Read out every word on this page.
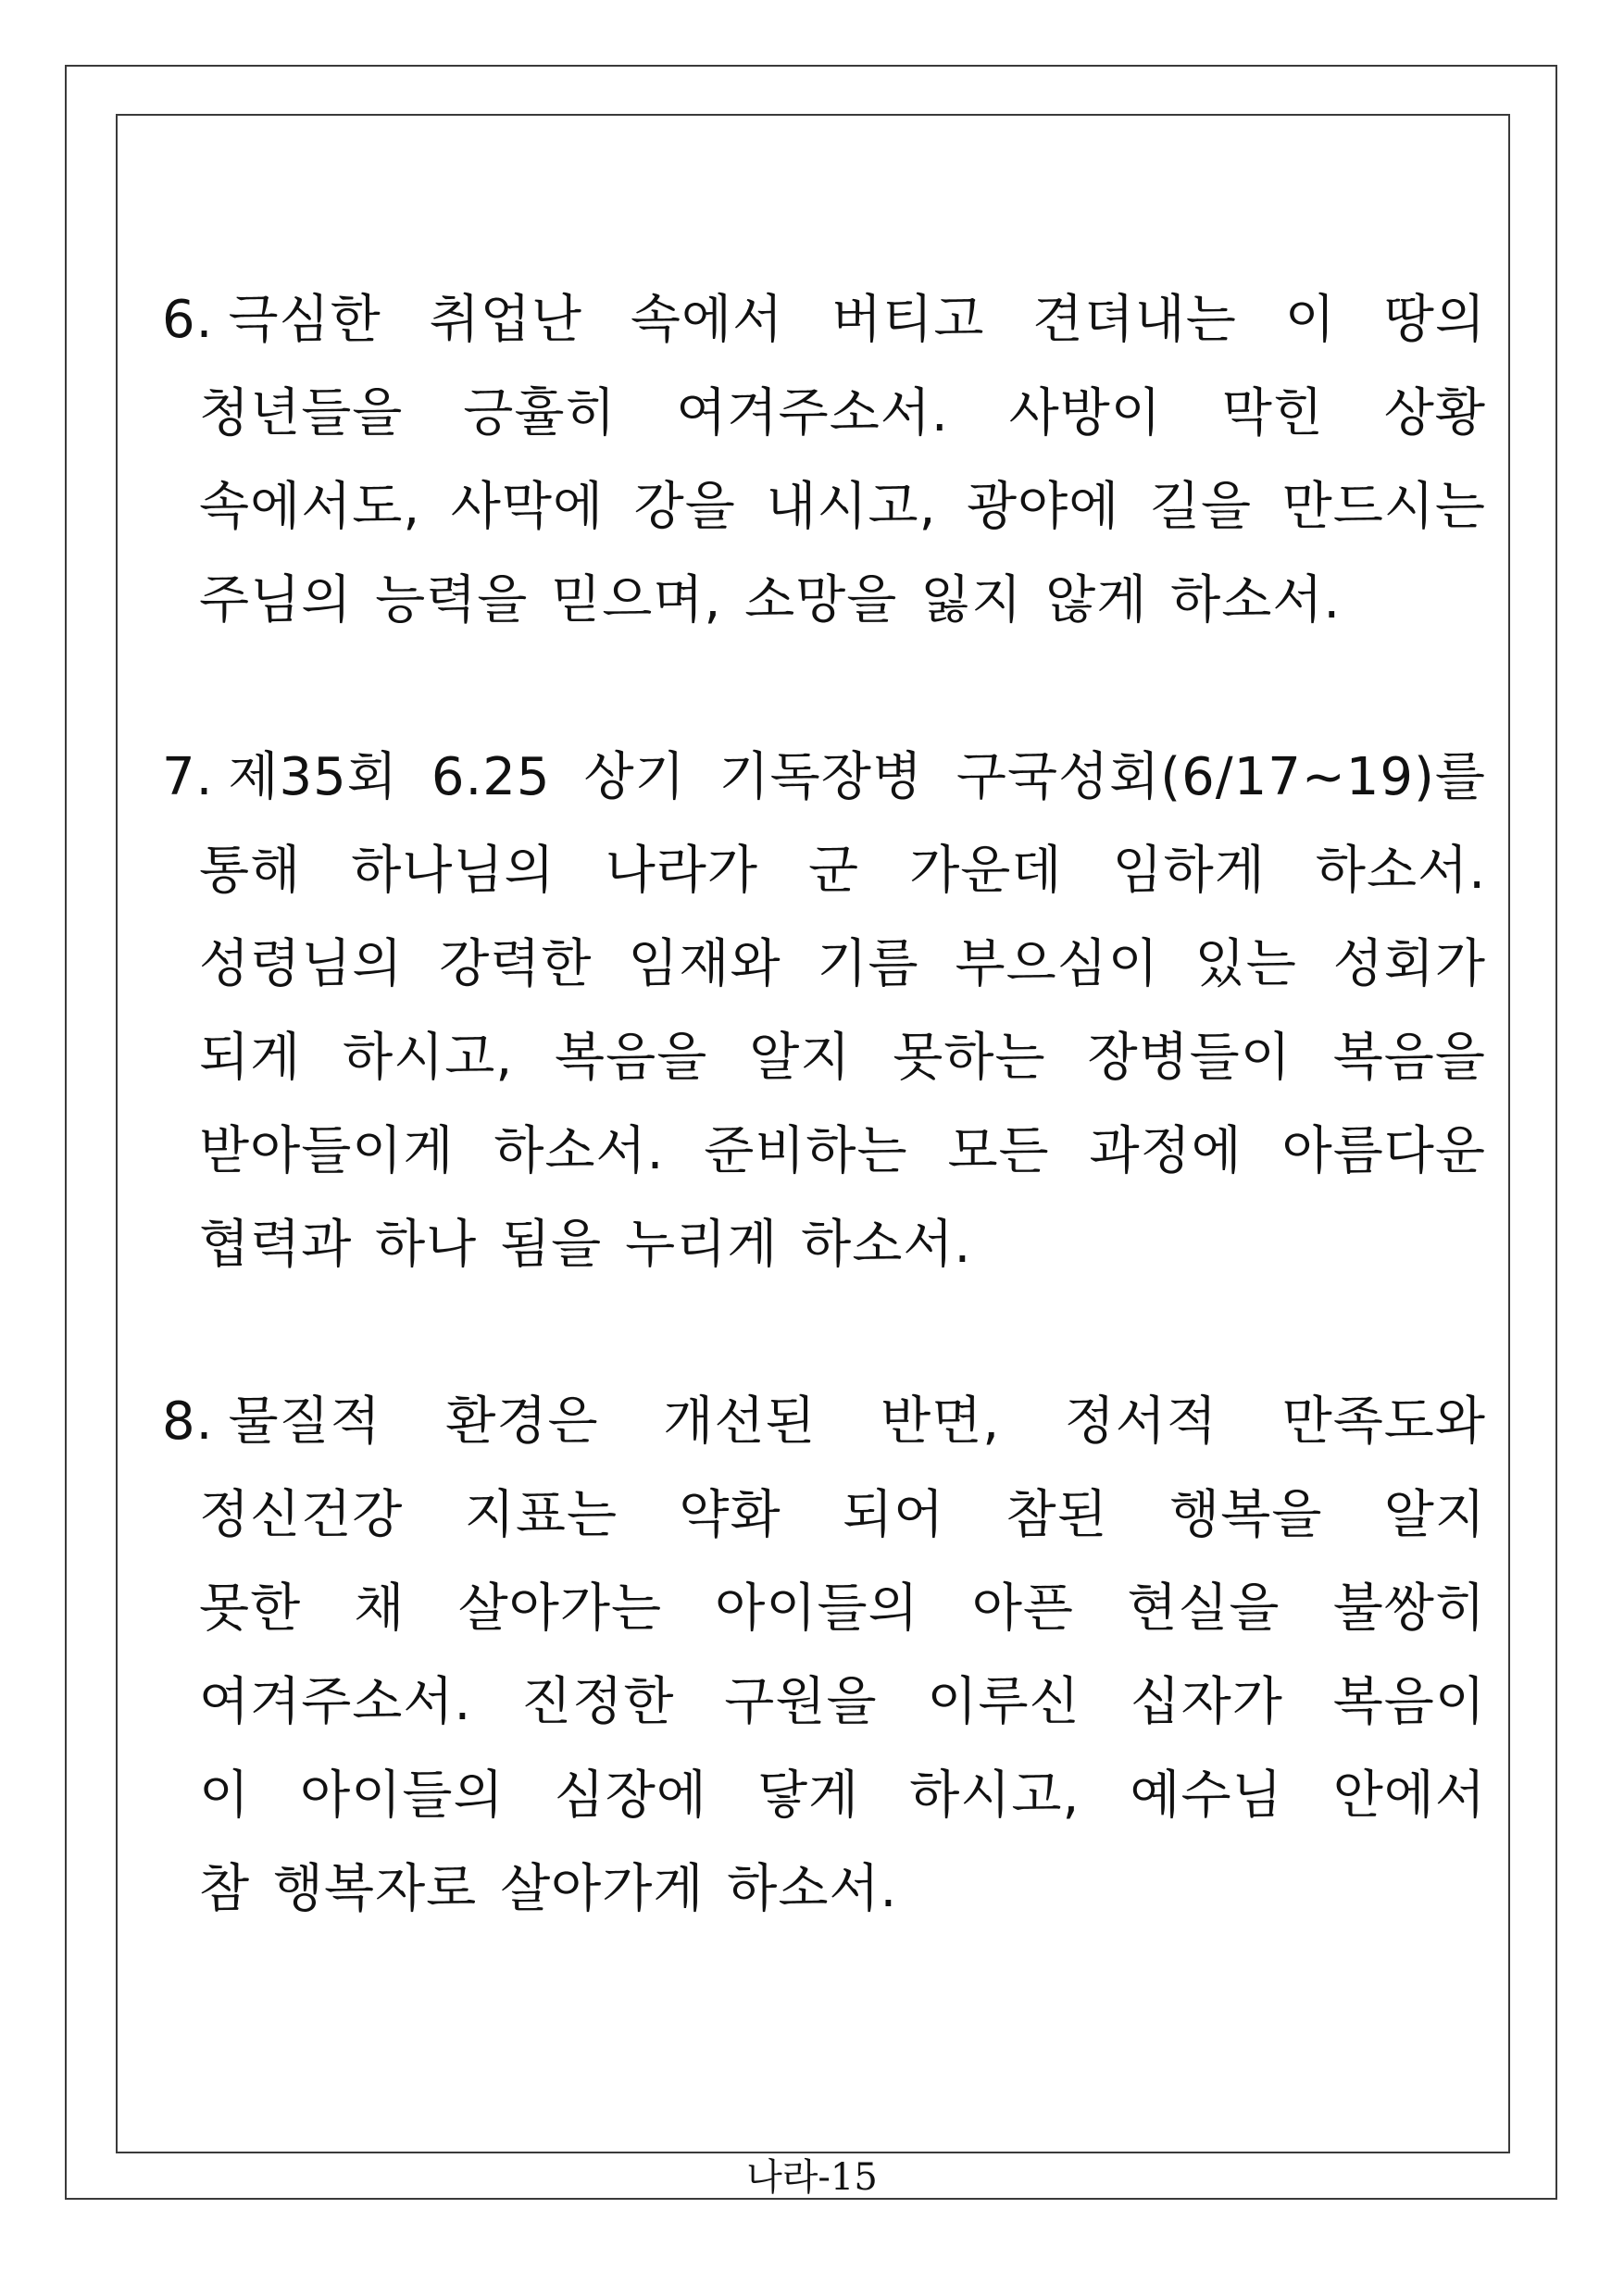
6. 극심한 취업난 속에서 버티고 견뎌내는 이 땅의
청년들을 긍휼히 여겨주소서. 사방이 막힌 상황
속에서도, 사막에 강을 내시고, 광야에 길을 만드시는
주님의 능력을 믿으며, 소망을 잃지 않게 하소서.
7. 제35회 6.25 상기 기독장병 구국성회(6/17~19)를
통해 하나님의 나라가 군 가운데 임하게 하소서.
성령님의 강력한 임재와 기름 부으심이 있는 성회가
되게 하시고, 복음을 알지 못하는 장병들이 복음을
받아들이게 하소서. 준비하는 모든 과정에 아름다운
협력과 하나 됨을 누리게 하소서.
8. 물질적 환경은 개선된 반면, 정서적 만족도와
정신건강 지표는 약화 되어 참된 행복을 알지
못한 채 살아가는 아이들의 아픈 현실을 불쌍히
여겨주소서. 진정한 구원을 이루신 십자가 복음이
이 아이들의 심장에 닿게 하시고, 예수님 안에서
참 행복자로 살아가게 하소서.
나라-15
